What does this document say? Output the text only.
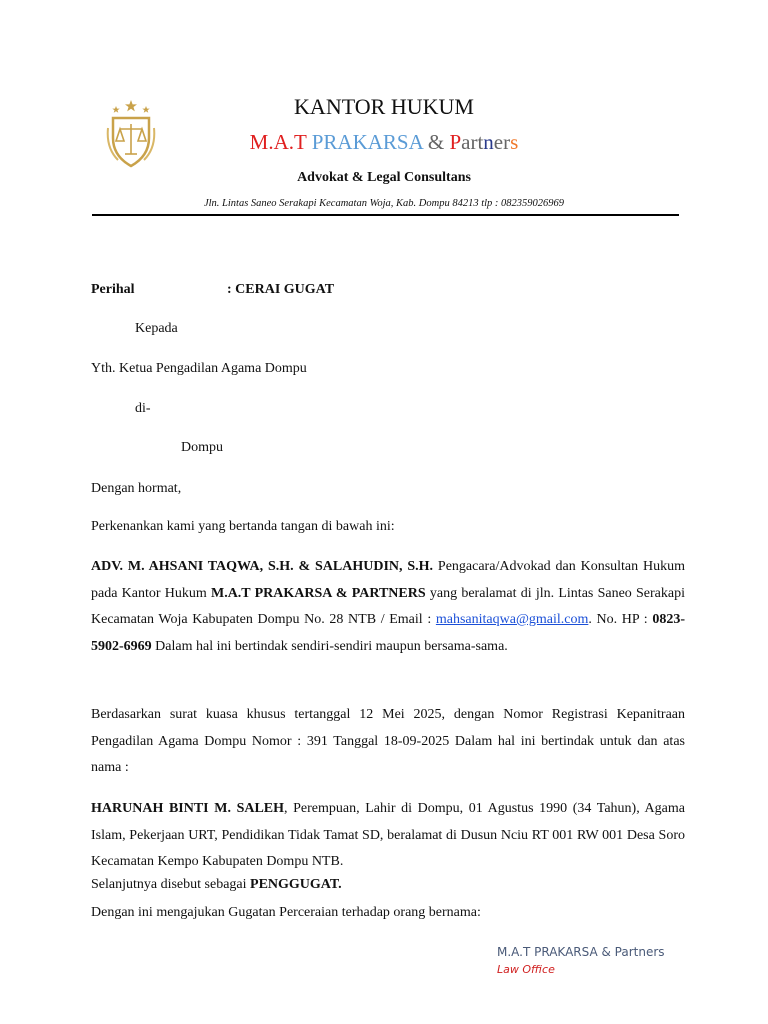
KANTOR HUKUM
M.A.T PRAKARSA & Partners
Advokat & Legal Consultans
Jln. Lintas Saneo Serakapi Kecamatan Woja, Kab. Dompu 84213 tlp : 082359026969
Perihal	: CERAI GUGAT
Kepada
Yth. Ketua Pengadilan Agama Dompu
di-
Dompu
Dengan hormat,
Perkenankan kami yang bertanda tangan di bawah ini:
ADV. M. AHSANI TAQWA, S.H. & SALAHUDIN, S.H. Pengacara/Advokad dan Konsultan Hukum pada Kantor Hukum M.A.T PRAKARSA & PARTNERS yang beralamat di jln. Lintas Saneo Serakapi Kecamatan Woja Kabupaten Dompu No. 28 NTB / Email : mahsanitaqwa@gmail.com. No. HP : 0823-5902-6969 Dalam hal ini bertindak sendiri-sendiri maupun bersama-sama.
Berdasarkan surat kuasa khusus tertanggal 12 Mei 2025, dengan Nomor Registrasi Kepanitraan Pengadilan Agama Dompu Nomor : 391 Tanggal 18-09-2025 Dalam hal ini bertindak untuk dan atas nama :
HARUNAH BINTI M. SALEH, Perempuan, Lahir di Dompu, 01 Agustus 1990 (34 Tahun), Agama Islam, Pekerjaan URT, Pendidikan Tidak Tamat SD, beralamat di Dusun Nciu RT 001 RW 001 Desa Soro Kecamatan Kempo Kabupaten Dompu NTB.
Selanjutnya disebut sebagai PENGGUGAT.
Dengan ini mengajukan Gugatan Perceraian terhadap orang bernama:
M.A.T PRAKARSA & Partners
Law Office
